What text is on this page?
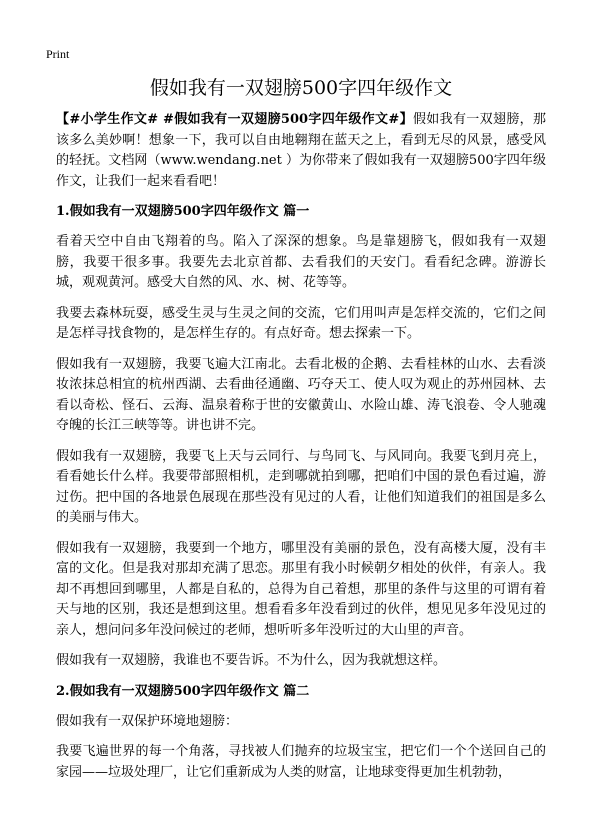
Print
假如我有一双翅膀500字四年级作文

【#小学生作文# #假如我有一双翅膀500字四年级作文#】假如我有一双翅膀，那该多么美妙啊！想象一下，我可以自由地翱翔在蓝天之上，看到无尽的风景，感受风的轻抚。文档网（www.wendang.net ）为你带来了假如我有一双翅膀500字四年级作文，让我们一起来看看吧！

1.假如我有一双翅膀500字四年级作文 篇一

看着天空中自由飞翔着的鸟。陷入了深深的想象。鸟是靠翅膀飞，假如我有一双翅膀，我要干很多事。我要先去北京首都、去看我们的天安门。看看纪念碑。游游长城，观观黄河。感受大自然的风、水、树、花等等。

我要去森林玩耍，感受生灵与生灵之间的交流，它们用叫声是怎样交流的，它们之间是怎样寻找食物的，是怎样生存的。有点好奇。想去探索一下。

假如我有一双翅膀，我要飞遍大江南北。去看北极的企鹅、去看桂林的山水、去看淡妆浓抹总相宜的杭州西湖、去看曲径通幽、巧夺天工、使人叹为观止的苏州园林、去看以奇松、怪石、云海、温泉着称于世的安徽黄山、水险山雄、涛飞浪卷、令人驰魂夺魄的长江三峡等等。讲也讲不完。

假如我有一双翅膀，我要飞上天与云同行、与鸟同飞、与风同向。我要飞到月亮上，看看她长什么样。我要带部照相机，走到哪就拍到哪，把咱们中国的景色看过遍，游过伤。把中国的各地景色展现在那些没有见过的人看，让他们知道我们的祖国是多么的美丽与伟大。

假如我有一双翅膀，我要到一个地方，哪里没有美丽的景色，没有高楼大厦，没有丰富的文化。但是我对那却充满了思恋。那里有我小时候朝夕相处的伙伴，有亲人。我却不再想回到哪里，人都是自私的，总得为自己着想，那里的条件与这里的可谓有着天与地的区别，我还是想到这里。想看看多年没看到过的伙伴，想见见多年没见过的亲人，想问问多年没问候过的老师，想听听多年没听过的大山里的声音。

假如我有一双翅膀，我谁也不要告诉。不为什么，因为我就想这样。

2.假如我有一双翅膀500字四年级作文 篇二

假如我有一双保护环境地翅膀：

我要飞遍世界的每一个角落，寻找被人们抛弃的垃圾宝宝，把它们一个个送回自己的家园——垃圾处理厂，让它们重新成为人类的财富，让地球变得更加生机勃勃，
